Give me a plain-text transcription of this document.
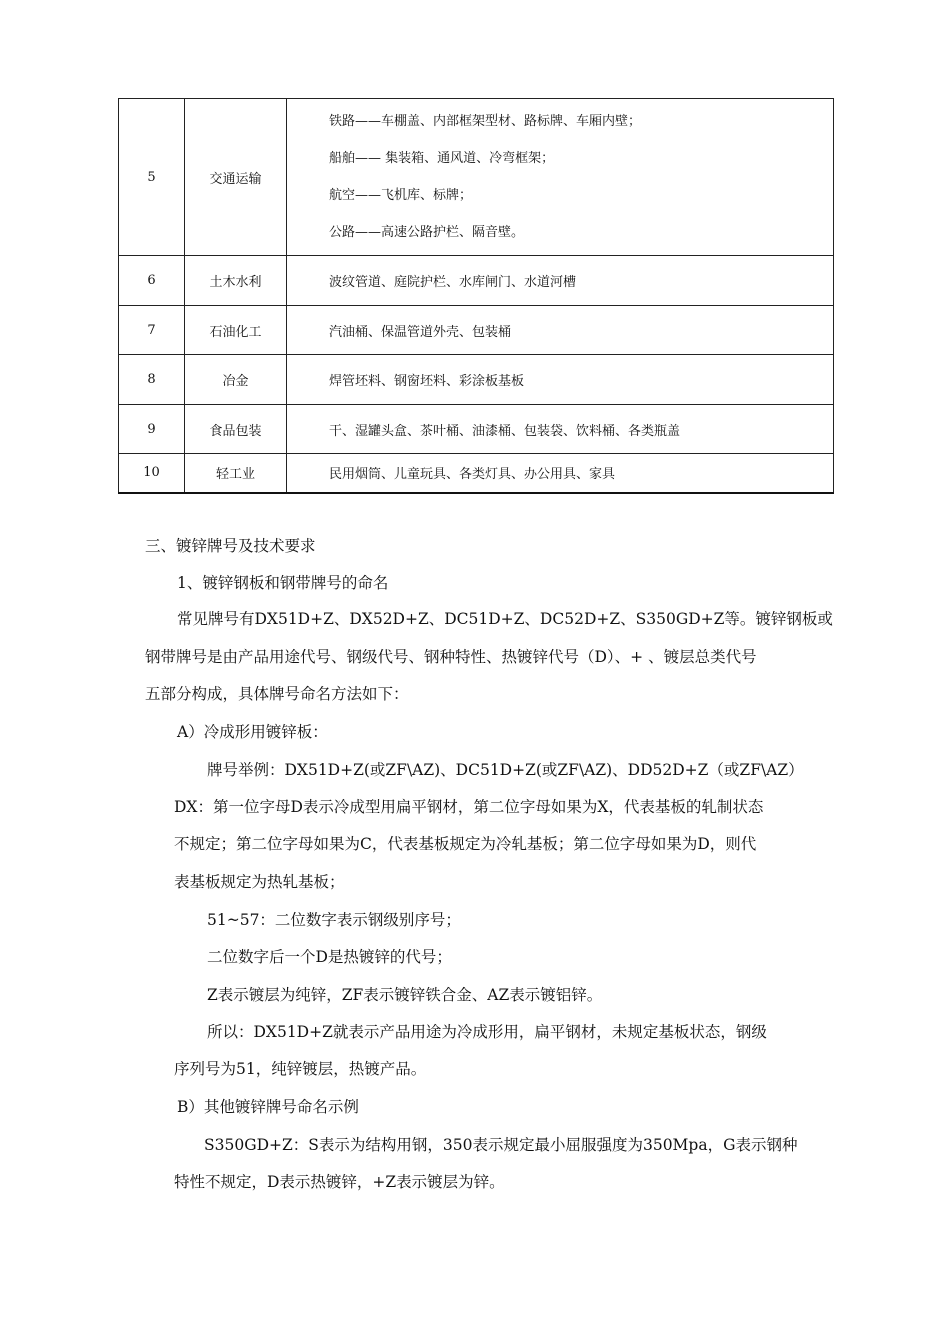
5	交通运输	铁路——车棚盖、内部框架型材、路标牌、车厢内壁；
船舶—— 集装箱、通风道、冷弯框架；
航空——飞机库、标牌；
公路——高速公路护栏、隔音壁。

6	土木水利	波纹管道、庭院护栏、水库闸门、水道河槽
7	石油化工	汽油桶、保温管道外壳、包装桶
8	冶金	焊管坯料、钢窗坯料、彩涂板基板
9	食品包装	干、湿罐头盒、茶叶桶、油漆桶、包装袋、饮料桶、各类瓶盖
10	轻工业	民用烟筒、儿童玩具、各类灯具、办公用具、家具

三、镀锌牌号及技术要求

1、镀锌钢板和钢带牌号的命名

常见牌号有DX51D+Z、DX52D+Z、DC51D+Z、DC52D+Z、S350GD+Z等。镀锌钢板或

钢带牌号是由产品用途代号、钢级代号、钢种特性、热镀锌代号（D）、+ 、镀层总类代号

五部分构成，具体牌号命名方法如下：

A）冷成形用镀锌板：

牌号举例：DX51D+Z(或ZF\AZ)、DC51D+Z(或ZF\AZ)、DD52D+Z（或ZF\AZ）

DX：第一位字母D表示冷成型用扁平钢材，第二位字母如果为X，代表基板的轧制状态

不规定；第二位字母如果为C，代表基板规定为冷轧基板；第二位字母如果为D，则代

表基板规定为热轧基板；

51~57：二位数字表示钢级别序号；

二位数字后一个D是热镀锌的代号；

Z表示镀层为纯锌，ZF表示镀锌铁合金、AZ表示镀铝锌。

所以：DX51D+Z就表示产品用途为冷成形用，扁平钢材，未规定基板状态，钢级

序列号为51，纯锌镀层，热镀产品。

B）其他镀锌牌号命名示例

S350GD+Z：S表示为结构用钢，350表示规定最小屈服强度为350Mpa，G表示钢种

特性不规定，D表示热镀锌，+Z表示镀层为锌。
